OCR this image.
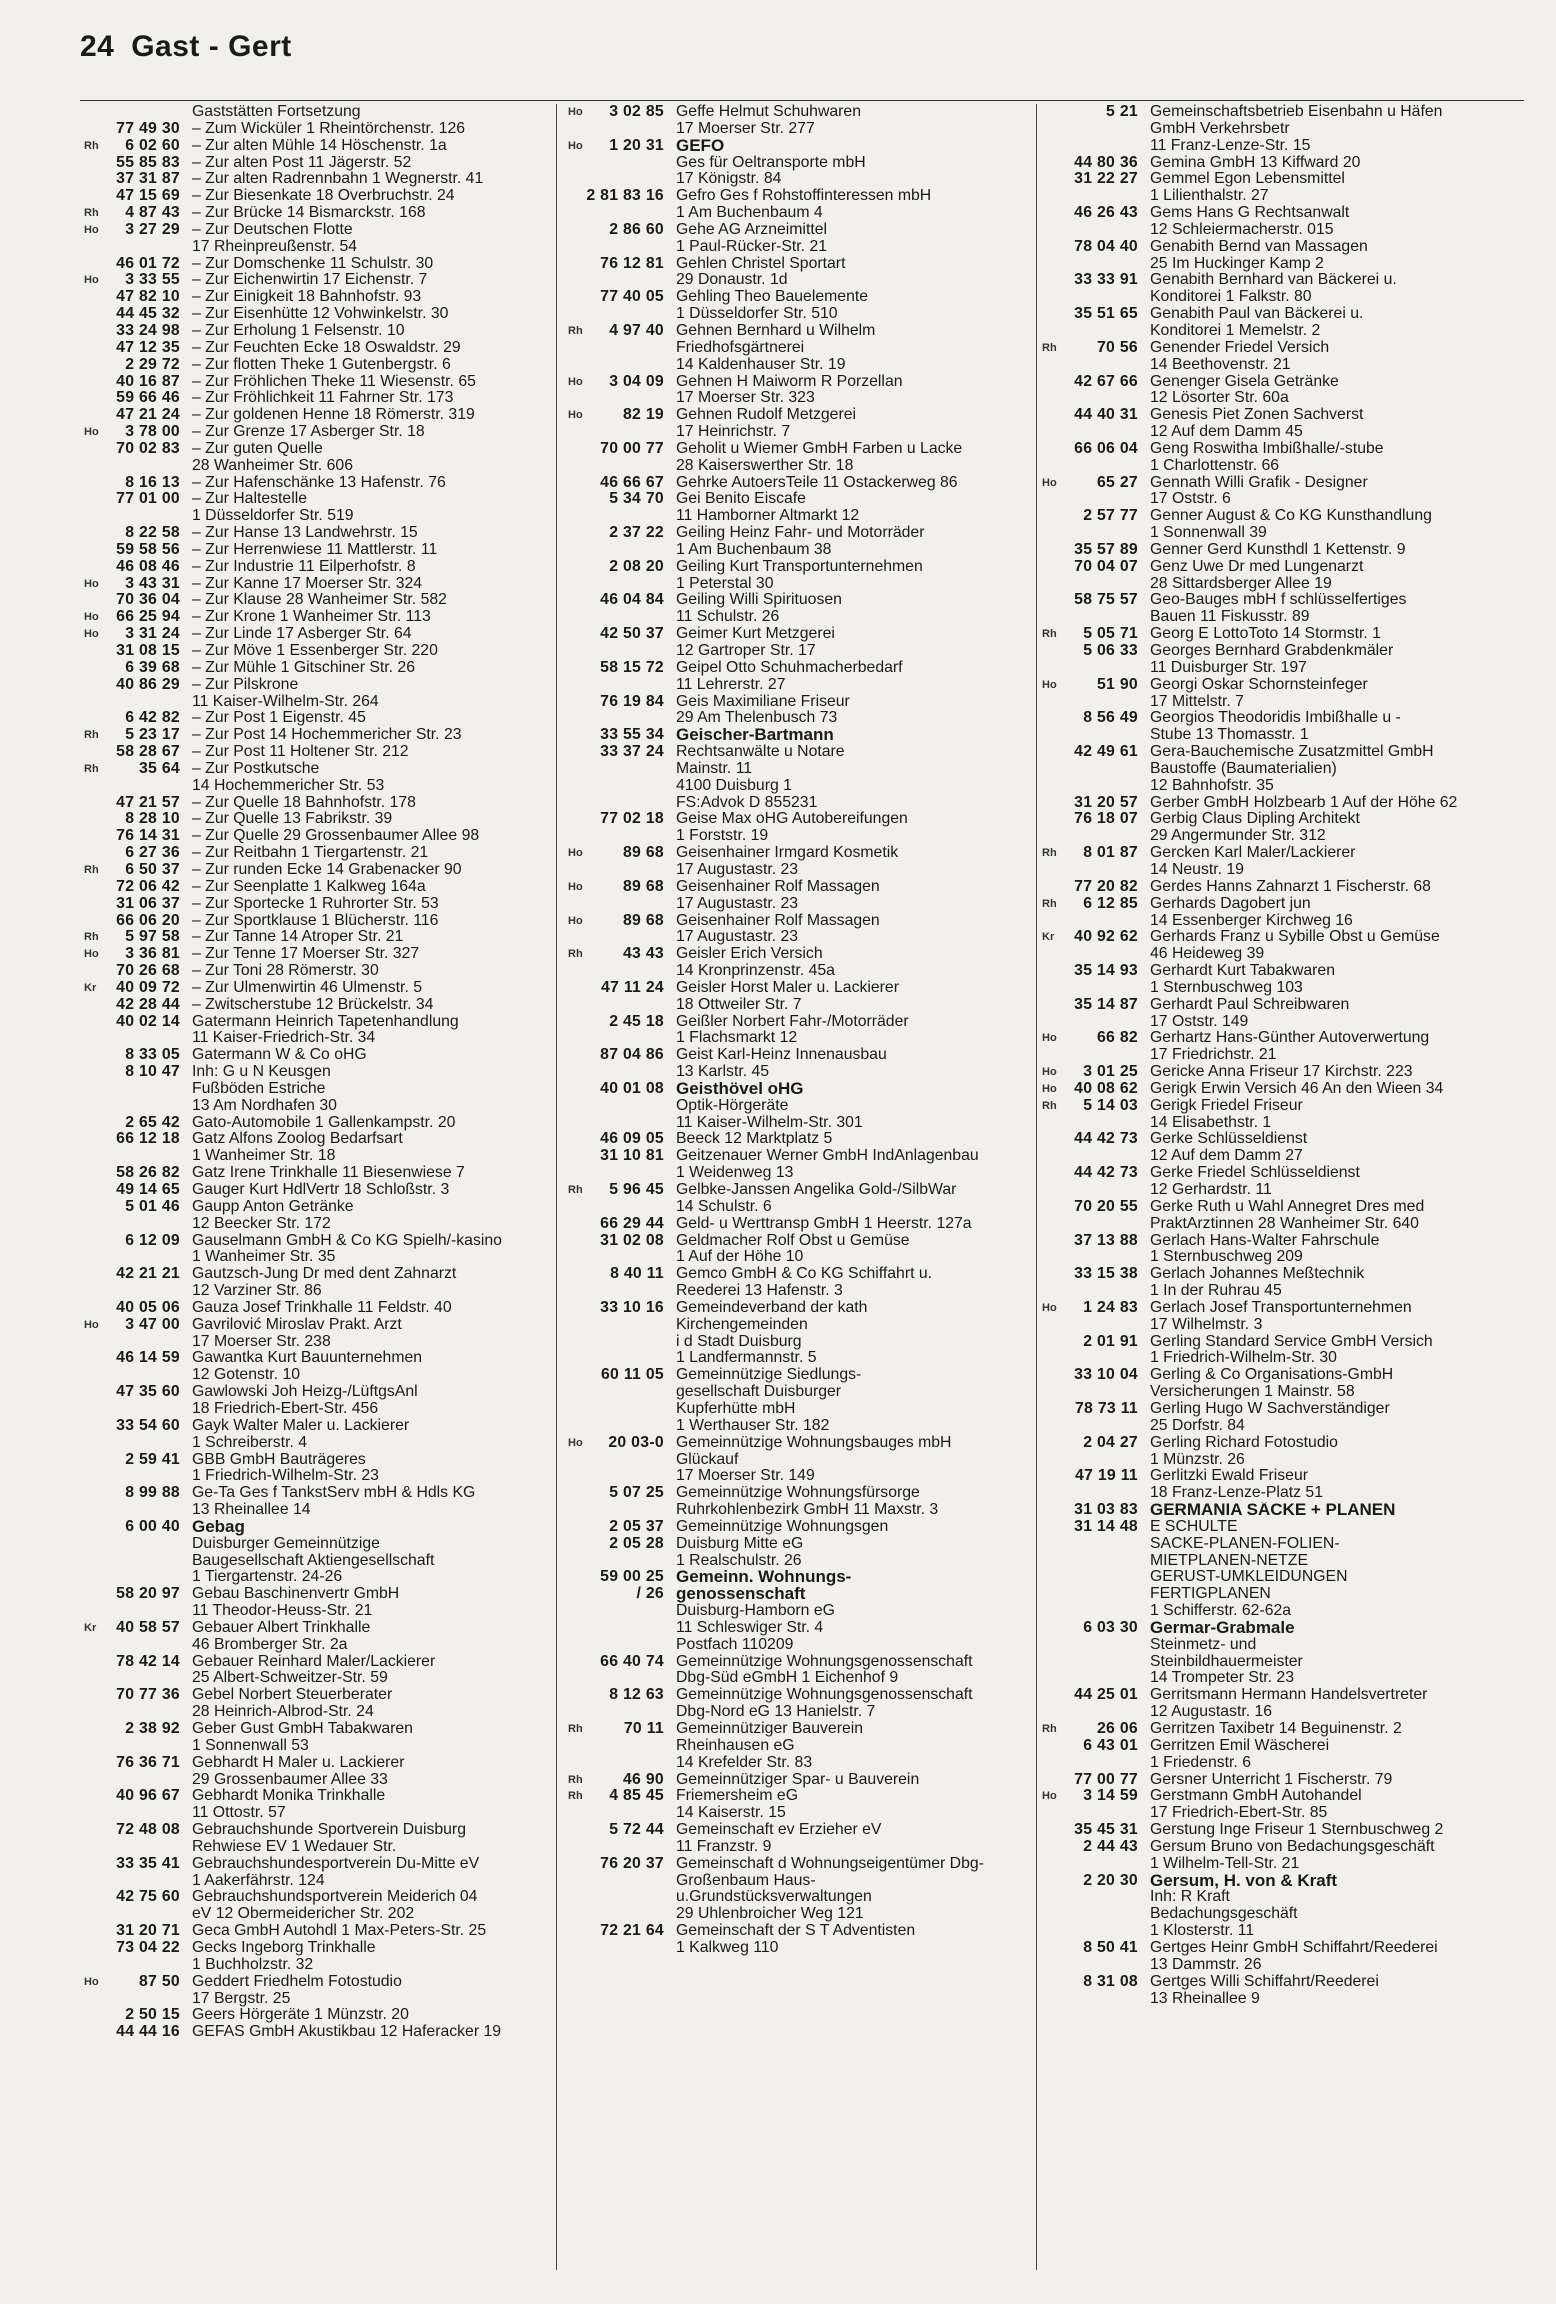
24 Gast - Gert
Gaststätten Fortsetzung
77 49 30 – Zum Wicküler 1 Rheintörchenstr. 126
Rh	6 02 60 – Zur alten Mühle 14 Höschenstr. 1a
55 85 83 – Zur alten Post 11 Jägerstr. 52
37 31 87 – Zur alten Radrennbahn 1 Wegnerstr. 41
47 15 69 – Zur Biesenkate 18 Overbruchstr. 24
Rh	4 87 43 – Zur Brücke 14 Bismarckstr. 168
Ho	3 27 29 – Zur Deutschen Flotte
17 Rheinpreußenstr. 54
46 01 72 – Zur Domschenke 11 Schulstr. 30
Ho	3 33 55 – Zur Eichenwirtin 17 Eichenstr. 7
47 82 10 – Zur Einigkeit 18 Bahnhofstr. 93
44 45 32 – Zur Eisenhütte 12 Vohwinkelstr. 30
33 24 98 – Zur Erholung 1 Felsenstr. 10
47 12 35 – Zur Feuchten Ecke 18 Oswaldstr. 29
2 29 72 – Zur flotten Theke 1 Gutenbergstr. 6
40 16 87 – Zur Fröhlichen Theke 11 Wiesenstr. 65
59 66 46 – Zur Fröhlichkeit 11 Fahrner Str. 173
47 21 24 – Zur goldenen Henne 18 Römerstr. 319
Ho	3 78 00 – Zur Grenze 17 Asberger Str. 18
70 02 83 – Zur guten Quelle
28 Wanheimer Str. 606
8 16 13 – Zur Hafenschänke 13 Hafenstr. 76
77 01 00 – Zur Haltestelle
1 Düsseldorfer Str. 519
8 22 58 – Zur Hanse 13 Landwehrstr. 15
59 58 56 – Zur Herrenwiese 11 Mattlerstr. 11
46 08 46 – Zur Industrie 11 Eilperhofstr. 8
Ho	3 43 31 – Zur Kanne 17 Moerser Str. 324
70 36 04 – Zur Klause 28 Wanheimer Str. 582
Ho	66 25 94 – Zur Krone 1 Wanheimer Str. 113
Ho	3 31 24 – Zur Linde 17 Asberger Str. 64
31 08 15 – Zur Möve 1 Essenberger Str. 220
6 39 68 – Zur Mühle 1 Gitschiner Str. 26
40 86 29 – Zur Pilskrone
11 Kaiser-Wilhelm-Str. 264
6 42 82 – Zur Post 1 Eigenstr. 45
Rh	5 23 17 – Zur Post 14 Hochemmericher Str. 23
58 28 67 – Zur Post 11 Holtener Str. 212
Rh	35 64 – Zur Postkutsche
14 Hochemmericher Str. 53
47 21 57 – Zur Quelle 18 Bahnhofstr. 178
8 28 10 – Zur Quelle 13 Fabrikstr. 39
76 14 31 – Zur Quelle 29 Grossenbaumer Allee 98
6 27 36 – Zur Reitbahn 1 Tiergartenstr. 21
Rh	6 50 37 – Zur runden Ecke 14 Grabenacker 90
72 06 42 – Zur Seenplatte 1 Kalkweg 164a
31 06 37 – Zur Sportecke 1 Ruhrorter Str. 53
66 06 20 – Zur Sportklause 1 Blücherstr. 116
Rh	5 97 58 – Zur Tanne 14 Atroper Str. 21
Ho	3 36 81 – Zur Tenne 17 Moerser Str. 327
70 26 68 – Zur Toni 28 Römerstr. 30
Kr	40 09 72 – Zur Ulmenwirtin 46 Ulmenstr. 5
42 28 44 – Zwitscherstube 12 Brückelstr. 34
40 02 14 Gatermann Heinrich Tapetenhandlung
11 Kaiser-Friedrich-Str. 34
8 33 05 Gatermann W & Co oHG
8 10 47 Inh: G u N Keusgen
Fußböden Estriche
13 Am Nordhafen 30
2 65 42 Gato-Automobile 1 Gallenkampstr. 20
66 12 18 Gatz Alfons Zoolog Bedarfsart
1 Wanheimer Str. 18
58 26 82 Gatz Irene Trinkhalle 11 Biesenwiese 7
49 14 65 Gauger Kurt HdlVertr 18 Schloßstr. 3
5 01 46 Gaupp Anton Getränke
12 Beecker Str. 172
6 12 09 Gauselmann GmbH & Co KG Spielh/-kasino
1 Wanheimer Str. 35
42 21 21 Gautzsch-Jung Dr med dent Zahnarzt
12 Varziner Str. 86
40 05 06 Gauza Josef Trinkhalle 11 Feldstr. 40
Ho	3 47 00 Gavrilović Miroslav Prakt. Arzt
17 Moerser Str. 238
46 14 59 Gawantka Kurt Bauunternehmen
12 Gotenstr. 10
47 35 60 Gawlowski Joh Heizg-/LüftgsAnl
18 Friedrich-Ebert-Str. 456
33 54 60 Gayk Walter Maler u. Lackierer
1 Schreiberstr. 4
2 59 41 GBB GmbH Bauträgeres
1 Friedrich-Wilhelm-Str. 23
8 99 88 Ge-Ta Ges f TankstServ mbH & Hdls KG
13 Rheinallee 14
6 00 40 Gebag
Duisburger Gemeinnützige
Baugesellschaft Aktiengesellschaft
1 Tiergartenstr. 24-26
58 20 97 Gebau Baschinenvertr GmbH
11 Theodor-Heuss-Str. 21
Kr	40 58 57 Gebauer Albert Trinkhalle
46 Bromberger Str. 2a
78 42 14 Gebauer Reinhard Maler/Lackierer
25 Albert-Schweitzer-Str. 59
70 77 36 Gebel Norbert Steuerberater
28 Heinrich-Albrod-Str. 24
2 38 92 Geber Gust GmbH Tabakwaren
1 Sonnenwall 53
76 36 71 Gebhardt H Maler u. Lackierer
29 Grossenbaumer Allee 33
40 96 67 Gebhardt Monika Trinkhalle
11 Ottostr. 57
72 48 08 Gebrauchshunde Sportverein Duisburg
Rehwiese EV 1 Wedauer Str.
33 35 41 Gebrauchshundesportverein Du-Mitte eV
1 Aakerfährstr. 124
42 75 60 Gebrauchshundsportverein Meiderich 04
eV 12 Obermeidericher Str. 202
31 20 71 Geca GmbH Autohdl 1 Max-Peters-Str. 25
73 04 22 Gecks Ingeborg Trinkhalle
1 Buchholzstr. 32
Ho	87 50 Geddert Friedhelm Fotostudio
17 Bergstr. 25
2 50 15 Geers Hörgeräte 1 Münzstr. 20
44 44 16 GEFAS GmbH Akustikbau 12 Haferacker 19
Ho	3 02 85 Geffe Helmut Schuhwaren
17 Moerser Str. 277
Ho	1 20 31 GEFO
Ges für Oeltransporte mbH
17 Königstr. 84
2 81 83 16 Gefro Ges f Rohstoffinteressen mbH
1 Am Buchenbaum 4
2 86 60 Gehe AG Arzneimittel
1 Paul-Rücker-Str. 21
76 12 81 Gehlen Christel Sportart
29 Donaustr. 1d
77 40 05 Gehling Theo Bauelemente
1 Düsseldorfer Str. 510
Rh	4 97 40 Gehnen Bernhard u Wilhelm
Friedhofsgärtnerei
14 Kaldenhauser Str. 19
Ho	3 04 09 Gehnen H Maiworm R Porzellan
17 Moerser Str. 323
Ho	82 19 Gehnen Rudolf Metzgerei
17 Heinrichstr. 7
70 00 77 Geholit u Wiemer GmbH Farben u Lacke
28 Kaiserswerther Str. 18
46 66 67 Gehrke AutoersTeile 11 Ostackerweg 86
5 34 70 Gei Benito Eiscafe
11 Hamborner Altmarkt 12
2 37 22 Geiling Heinz Fahr- und Motorräder
1 Am Buchenbaum 38
2 08 20 Geiling Kurt Transportunternehmen
1 Peterstal 30
46 04 84 Geiling Willi Spirituosen
11 Schulstr. 26
42 50 37 Geimer Kurt Metzgerei
12 Gartroper Str. 17
58 15 72 Geipel Otto Schuhmacherbedarf
11 Lehrerstr. 27
76 19 84 Geis Maximiliane Friseur
29 Am Thelenbusch 73
33 55 34 Geischer-Bartmann
33 37 24 Rechtsanwälte u Notare
Mainstr. 11
4100 Duisburg 1
FS:Advok D 855231
77 02 18 Geise Max oHG Autobereifungen
1 Forststr. 19
Ho	89 68 Geisenhainer Irmgard Kosmetik
17 Augustastr. 23
Ho	89 68 Geisenhainer Rolf Massagen
17 Augustastr. 23
Ho	89 68 Geisenhainer Rolf Massagen
17 Augustastr. 23
Rh	43 43 Geisler Erich Versich
14 Kronprinzenstr. 45a
47 11 24 Geisler Horst Maler u. Lackierer
18 Ottweiler Str. 7
2 45 18 Geißler Norbert Fahr-/Motorräder
1 Flachsmarkt 12
87 04 86 Geist Karl-Heinz Innenausbau
13 Karlstr. 45
40 01 08 Geisthövel oHG
Optik-Hörgeräte
11 Kaiser-Wilhelm-Str. 301
46 09 05 Beeck 12 Marktplatz 5
31 10 81 Geitzenauer Werner GmbH IndAnlagenbau
1 Weidenweg 13
Rh	5 96 45 Gelbke-Janssen Angelika Gold-/SilbWar
14 Schulstr. 6
66 29 44 Geld- u Werttransp GmbH 1 Heerstr. 127a
31 02 08 Geldmacher Rolf Obst u Gemüse
1 Auf der Höhe 10
8 40 11 Gemco GmbH & Co KG Schiffahrt u.
Reederei 13 Hafenstr. 3
33 10 16 Gemeindeverband der kath
Kirchengemeinden
i d Stadt Duisburg
1 Landfermannstr. 5
60 11 05 Gemeinnützige Siedlungs-
gesellschaft Duisburger
Kupferhütte mbH
1 Werthauser Str. 182
Ho	20 03-0 Gemeinnützige Wohnungsbauges mbH
Glückauf
17 Moerser Str. 149
5 07 25 Gemeinnützige Wohnungsfürsorge
Ruhrkohlenbezirk GmbH 11 Maxstr. 3
2 05 37 Gemeinnützige Wohnungsgen
2 05 28 Duisburg Mitte eG
1 Realschulstr. 26
59 00 25 Gemeinn. Wohnungs-
/ 26 genossenschaft
Duisburg-Hamborn eG
11 Schleswiger Str. 4
Postfach 110209
66 40 74 Gemeinnützige Wohnungsgenossenschaft
Dbg-Süd eGmbH 1 Eichenhof 9
8 12 63 Gemeinnützige Wohnungsgenossenschaft
Dbg-Nord eG 13 Hanielstr. 7
Rh	70 11 Gemeinnütziger Bauverein
Rheinhausen eG
14 Krefelder Str. 83
Rh	46 90 Gemeinnütziger Spar- u Bauverein
Rh	4 85 45 Friemersheim eG
14 Kaiserstr. 15
5 72 44 Gemeinschaft ev Erzieher eV
11 Franzstr. 9
76 20 37 Gemeinschaft d Wohnungseigentümer Dbg-
Großenbaum Haus-
u.Grundstücksverwaltungen
29 Uhlenbroicher Weg 121
72 21 64 Gemeinschaft der S T Adventisten
1 Kalkweg 110
5 21 Gemeinschaftsbetrieb Eisenbahn u Häfen
GmbH Verkehrsbetr
11 Franz-Lenze-Str. 15
44 80 36 Gemina GmbH 13 Kiffward 20
31 22 27 Gemmel Egon Lebensmittel
1 Lilienthalstr. 27
46 26 43 Gems Hans G Rechtsanwalt
12 Schleiermacherstr. 015
78 04 40 Genabith Bernd van Massagen
25 Im Huckinger Kamp 2
33 33 91 Genabith Bernhard van Bäckerei u.
Konditorei 1 Falkstr. 80
35 51 65 Genabith Paul van Bäckerei u.
Konditorei 1 Memelstr. 2
Rh	70 56 Genender Friedel Versich
14 Beethovenstr. 21
42 67 66 Genenger Gisela Getränke
12 Lösorter Str. 60a
44 40 31 Genesis Piet Zonen Sachverst
12 Auf dem Damm 45
66 06 04 Geng Roswitha Imbißhalle/-stube
1 Charlottenstr. 66
Ho	65 27 Gennath Willi Grafik - Designer
17 Oststr. 6
2 57 77 Genner August & Co KG Kunsthandlung
1 Sonnenwall 39
35 57 89 Genner Gerd Kunsthdl 1 Kettenstr. 9
70 04 07 Genz Uwe Dr med Lungenarzt
28 Sittardsberger Allee 19
58 75 57 Geo-Bauges mbH f schlüsselfertiges
Bauen 11 Fiskusstr. 89
Rh	5 05 71 Georg E LottoToto 14 Stormstr. 1
5 06 33 Georges Bernhard Grabdenkmäler
11 Duisburger Str. 197
Ho	51 90 Georgi Oskar Schornsteinfeger
17 Mittelstr. 7
8 56 49 Georgios Theodoridis Imbißhalle u -
Stube 13 Thomasstr. 1
42 49 61 Gera-Bauchemische Zusatzmittel GmbH
Baustoffe (Baumaterialien)
12 Bahnhofstr. 35
31 20 57 Gerber GmbH Holzbearb 1 Auf der Höhe 62
76 18 07 Gerbig Claus Dipling Architekt
29 Angermunder Str. 312
Rh	8 01 87 Gercken Karl Maler/Lackierer
14 Neustr. 19
77 20 82 Gerdes Hanns Zahnarzt 1 Fischerstr. 68
Rh	6 12 85 Gerhards Dagobert jun
14 Essenberger Kirchweg 16
Kr	40 92 62 Gerhards Franz u Sybille Obst u Gemüse
46 Heideweg 39
35 14 93 Gerhardt Kurt Tabakwaren
1 Sternbuschweg 103
35 14 87 Gerhardt Paul Schreibwaren
17 Oststr. 149
Ho	66 82 Gerhartz Hans-Günther Autoverwertung
17 Friedrichstr. 21
Ho	3 01 25 Gericke Anna Friseur 17 Kirchstr. 223
Ho	40 08 62 Gerigk Erwin Versich 46 An den Wieen 34
Rh	5 14 03 Gerigk Friedel Friseur
14 Elisabethstr. 1
44 42 73 Gerke Schlüsseldienst
12 Auf dem Damm 27
44 42 73 Gerke Friedel Schlüsseldienst
12 Gerhardstr. 11
70 20 55 Gerke Ruth u Wahl Annegret Dres med
PraktÄrztinnen 28 Wanheimer Str. 640
37 13 88 Gerlach Hans-Walter Fahrschule
1 Sternbuschweg 209
33 15 38 Gerlach Johannes Meßtechnik
1 In der Ruhrau 45
Ho	1 24 83 Gerlach Josef Transportunternehmen
17 Wilhelmstr. 3
2 01 91 Gerling Standard Service GmbH Versich
1 Friedrich-Wilhelm-Str. 30
33 10 04 Gerling & Co Organisations-GmbH
Versicherungen 1 Mainstr. 58
78 73 11 Gerling Hugo W Sachverständiger
25 Dorfstr. 84
2 04 27 Gerling Richard Fotostudio
1 Münzstr. 26
47 19 11 Gerlitzki Ewald Friseur
18 Franz-Lenze-Platz 51
31 03 83 GERMANIA SÄCKE + PLANEN
31 14 48 E SCHULTE
SÄCKE-PLANEN-FOLIEN-
MIETPLANEN-NETZE
GERÜST-UMKLEIDUNGEN
FERTIGPLANEN
1 Schifferstr. 62-62a
6 03 30 Germar-Grabmale
Steinmetz- und
Steinbildhauermeister
14 Trompeter Str. 23
44 25 01 Gerritsmann Hermann Handelsvertreter
12 Augustastr. 16
Rh	26 06 Gerritzen Taxibetr 14 Beguinenstr. 2
6 43 01 Gerritzen Emil Wäscherei
1 Friedenstr. 6
77 00 77 Gersner Unterricht 1 Fischerstr. 79
Ho	3 14 59 Gerstmann GmbH Autohandel
17 Friedrich-Ebert-Str. 85
35 45 31 Gerstung Inge Friseur 1 Sternbuschweg 2
2 44 43 Gersum Bruno von Bedachungsgeschäft
1 Wilhelm-Tell-Str. 21
2 20 30 Gersum, H. von & Kraft
Inh: R Kraft
Bedachungsgeschäft
1 Klosterstr. 11
8 50 41 Gertges Heinr GmbH Schiffahrt/Reederei
13 Dammstr. 26
8 31 08 Gertges Willi Schiffahrt/Reederei
13 Rheinallee 9
